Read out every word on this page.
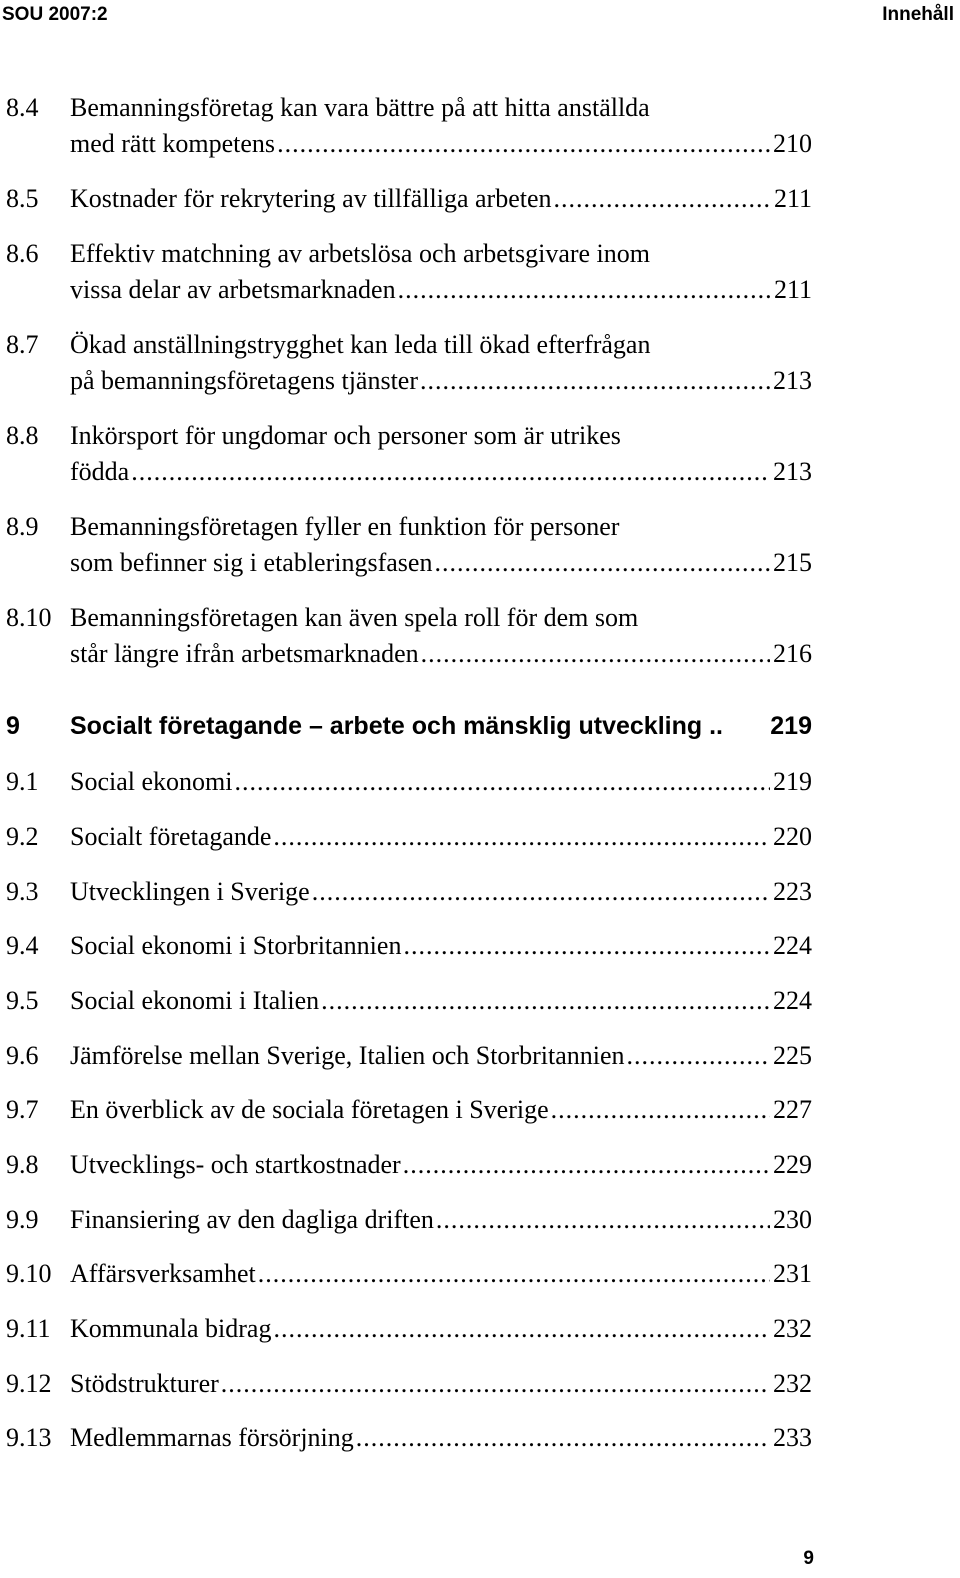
SOU 2007:2	Innehåll
8.4 Bemanningsföretag kan vara bättre på att hitta anställda
med rätt kompetens .....	210
8.5 Kostnader för rekrytering av tillfälliga arbeten .....	211
8.6 Effektiv matchning av arbetslösa och arbetsgivare inom
vissa delar av arbetsmarknaden .....	211
8.7 Ökad anställningstrygghet kan leda till ökad efterfrågan
på bemanningsföretagens tjänster .....	213
8.8 Inkörsport för ungdomar och personer som är utrikes
födda .....	213
8.9 Bemanningsföretagen fyller en funktion för personer
som befinner sig i etableringsfasen .....	215
8.10 Bemanningsföretagen kan även spela roll för dem som
står längre ifrån arbetsmarknaden .....	216
9 Socialt företagande – arbete och mänsklig utveckling ..	219
9.1 Social ekonomi .....	219
9.2 Socialt företagande .....	220
9.3 Utvecklingen i Sverige .....	223
9.4 Social ekonomi i Storbritannien .....	224
9.5 Social ekonomi i Italien .....	224
9.6 Jämförelse mellan Sverige, Italien och Storbritannien .....	225
9.7 En överblick av de sociala företagen i Sverige .....	227
9.8 Utvecklings- och startkostnader .....	229
9.9 Finansiering av den dagliga driften .....	230
9.10 Affärsverksamhet .....	231
9.11 Kommunala bidrag .....	232
9.12 Stödstrukturer .....	232
9.13 Medlemmarnas försörjning .....	233
9
